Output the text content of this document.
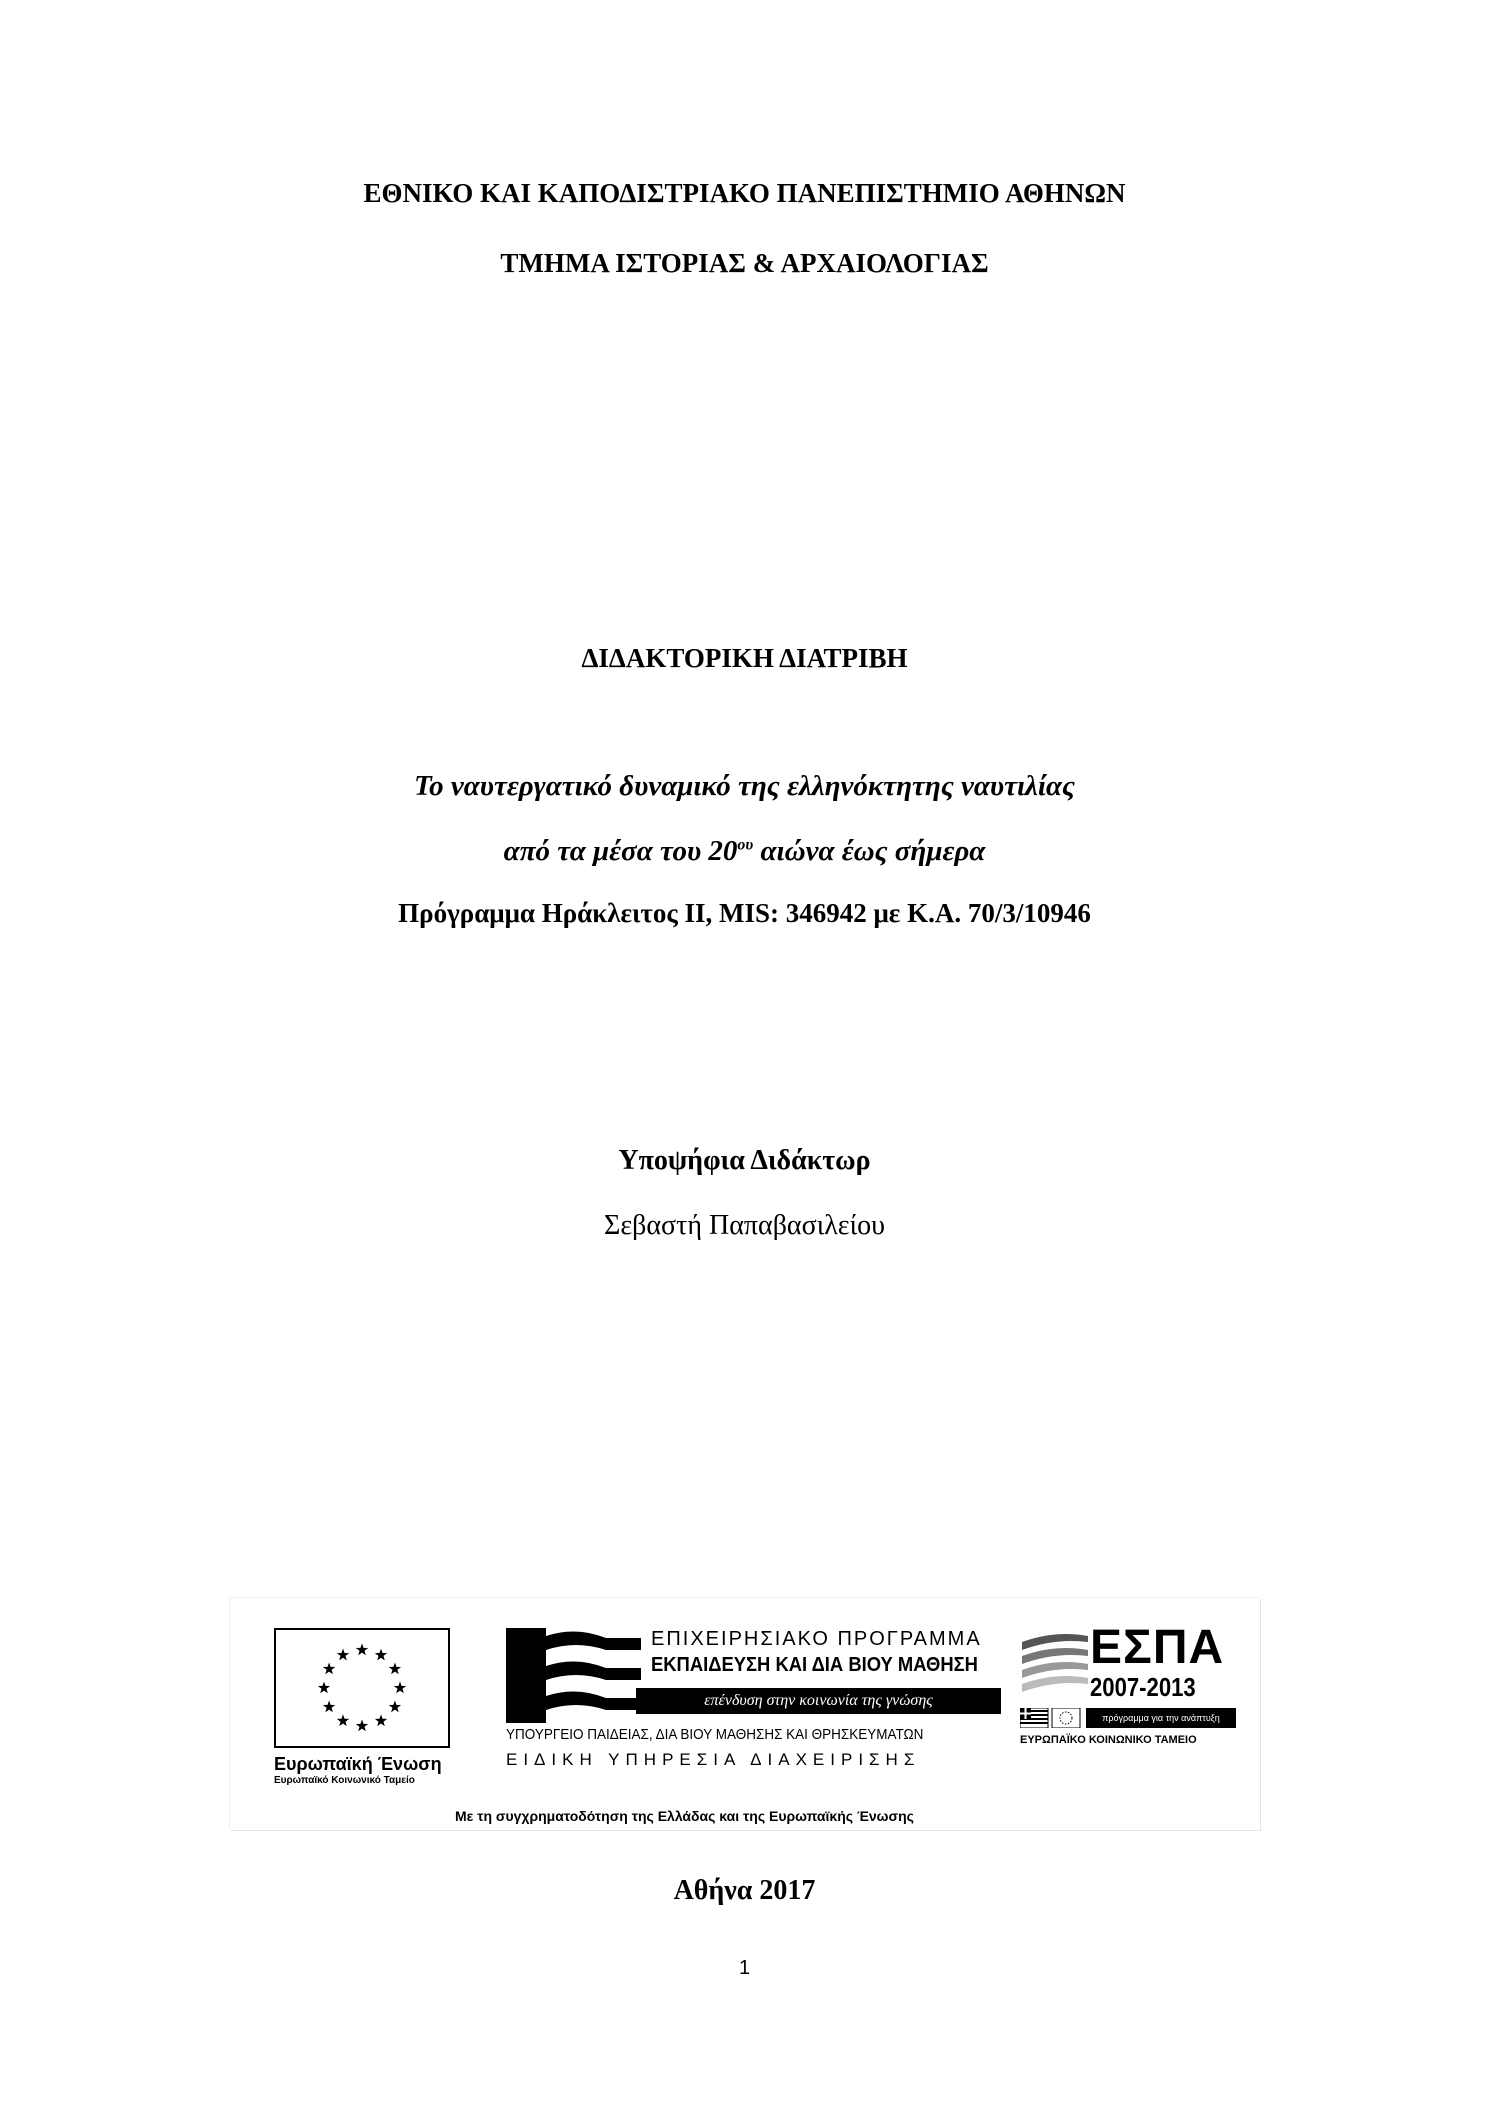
ΕΘΝΙΚΟ ΚΑΙ ΚΑΠΟΔΙΣΤΡΙΑΚΟ ΠΑΝΕΠΙΣΤΗΜΙΟ ΑΘΗΝΩΝ
ΤΜΗΜΑ ΙΣΤΟΡΙΑΣ & ΑΡΧΑΙΟΛΟΓΙΑΣ
ΔΙΔΑΚΤΟΡΙΚΗ ΔΙΑΤΡΙΒΗ
Το ναυτεργατικό δυναμικό της ελληνόκτητης ναυτιλίας
από τα μέσα του $20^{o\upsilon}$ αιώνα έως σήμερα
Πρόγραμμα Ηράκλειτος ΙΙ, MIS: 346942 με Κ.Α. 70/3/10946
Υποψήφια Διδάκτωρ
Σεβαστή Παπαβασιλείου
Ευρωπαϊκή Ένωση
Ευρωπαϊκό Κοινωνικό Ταμείο
ΕΠΙΧΕΙΡΗΣΙΑΚΟ ΠΡΟΓΡΑΜΜΑ
ΕΚΠΑΙΔΕΥΣΗ ΚΑΙ ΔΙΑ ΒΙΟΥ ΜΑΘΗΣΗ
επένδυση στην κοινωνία της γνώσης
ΥΠΟΥΡΓΕΙΟ ΠΑΙΔΕΙΑΣ, ΔΙΑ ΒΙΟΥ ΜΑΘΗΣΗΣ ΚΑΙ ΘΡΗΣΚΕΥΜΑΤΩΝ
ΕΙΔΙΚΗ ΥΠΗΡΕΣΙΑ ΔΙΑΧΕΙΡΙΣΗΣ
ΕΣΠΑ
2007-2013
πρόγραμμα για την ανάπτυξη
ΕΥΡΩΠΑΪΚΟ ΚΟΙΝΩΝΙΚΟ ΤΑΜΕΙΟ
Με τη συγχρηματοδότηση της Ελλάδας και της Ευρωπαϊκής Ένωσης
Αθήνα 2017
1
